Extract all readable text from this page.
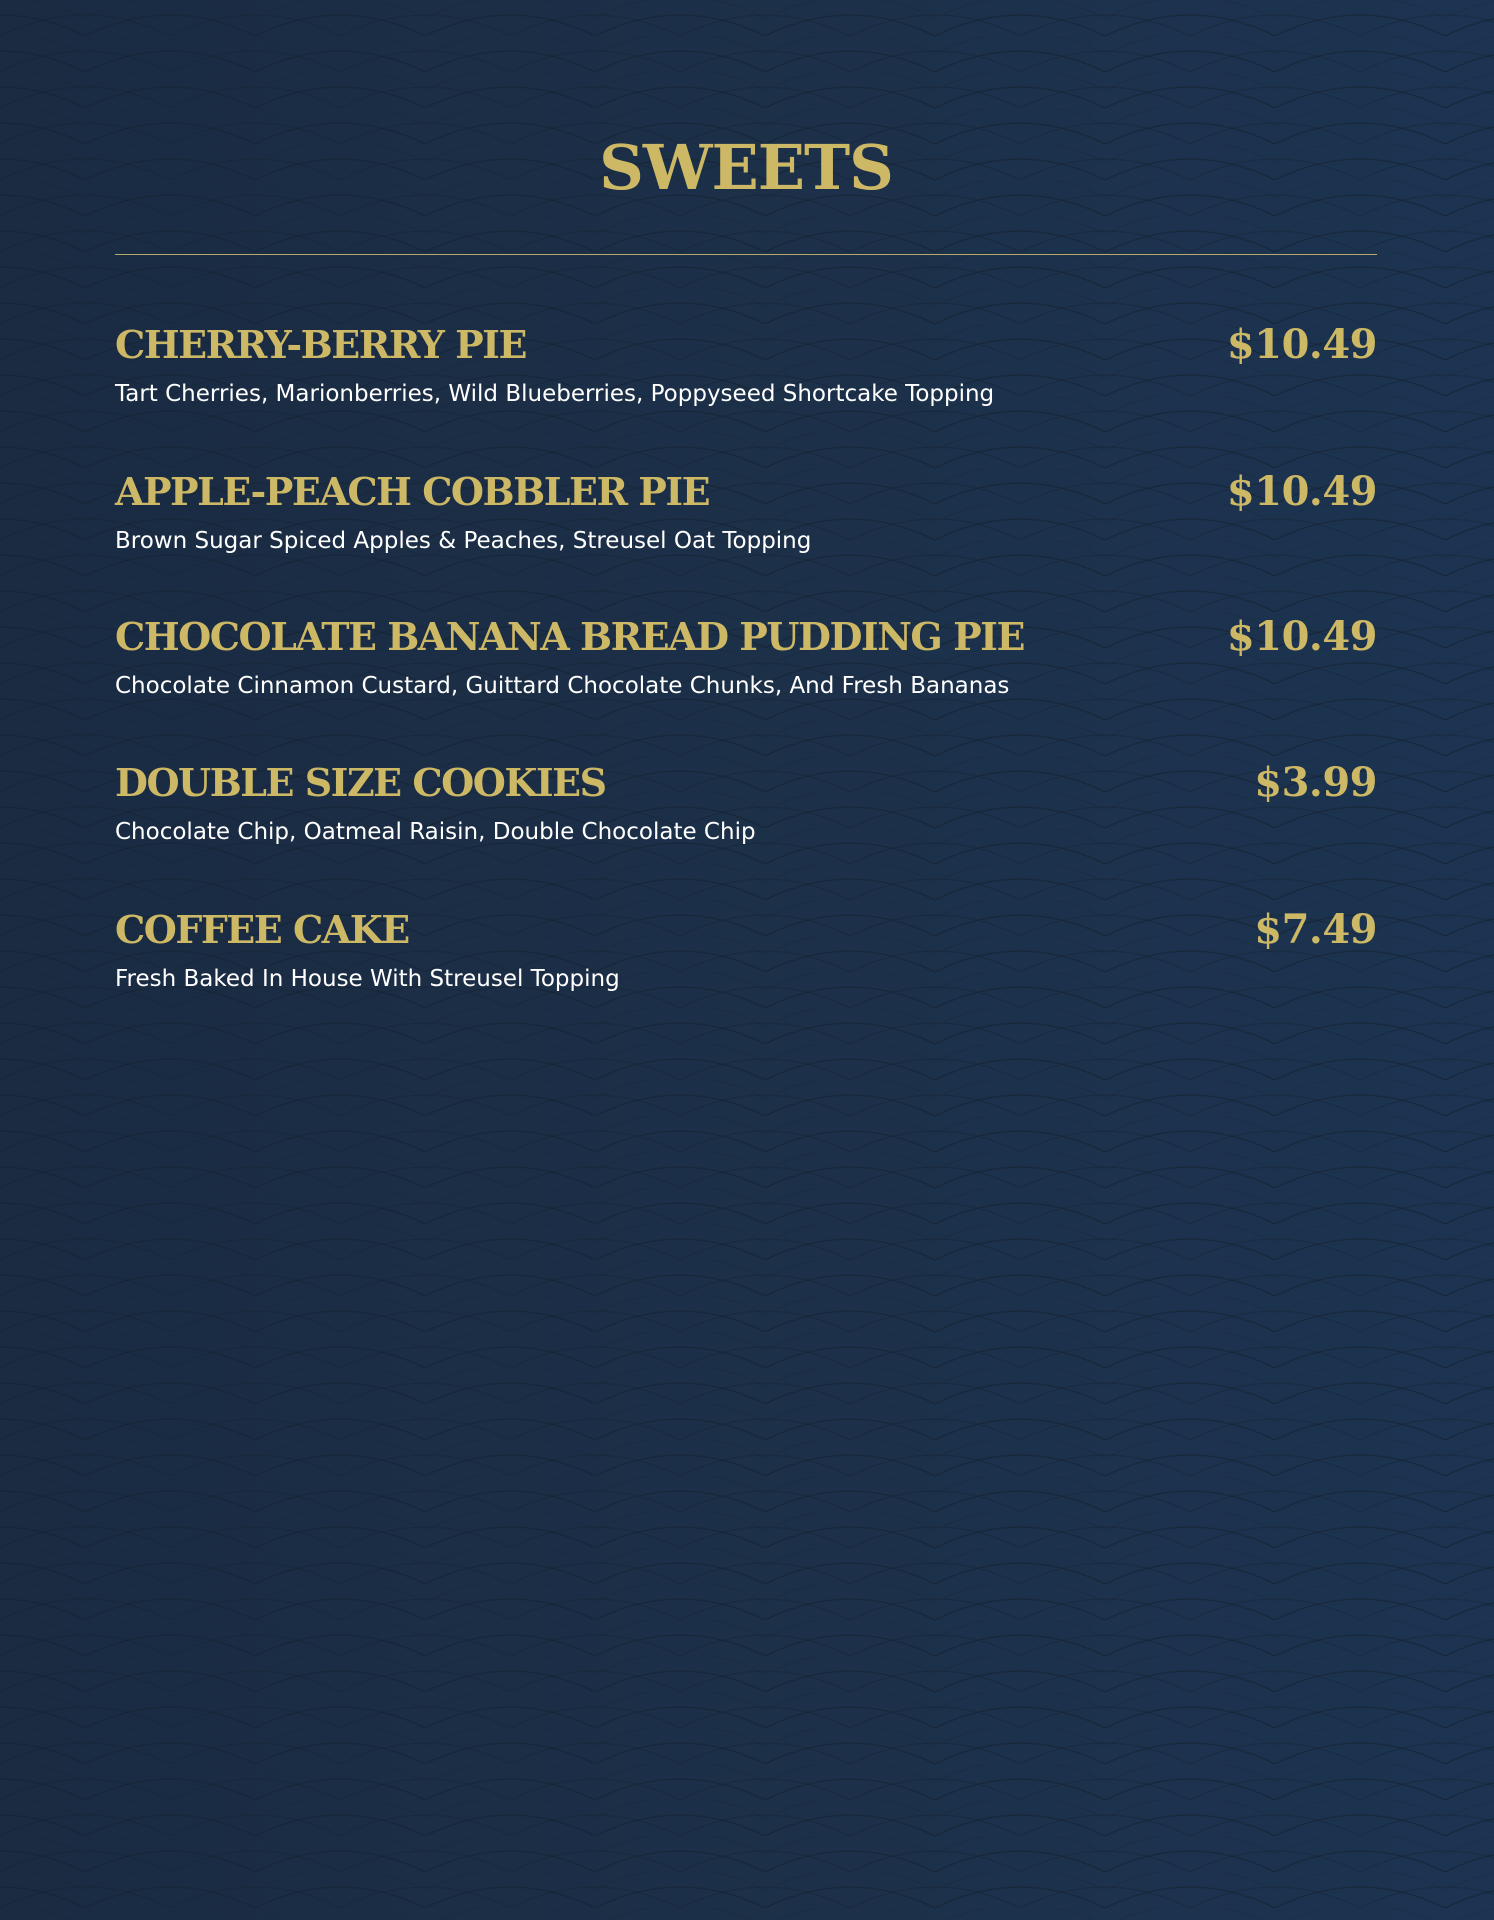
SWEETS
CHERRY-BERRY PIE	$10.49
Tart Cherries, Marionberries, Wild Blueberries, Poppyseed Shortcake Topping
APPLE-PEACH COBBLER PIE	$10.49
Brown Sugar Spiced Apples & Peaches, Streusel Oat Topping
CHOCOLATE BANANA BREAD PUDDING PIE	$10.49
Chocolate Cinnamon Custard, Guittard Chocolate Chunks, And Fresh Bananas
DOUBLE SIZE COOKIES	$3.99
Chocolate Chip, Oatmeal Raisin, Double Chocolate Chip
COFFEE CAKE	$7.49
Fresh Baked In House With Streusel Topping
